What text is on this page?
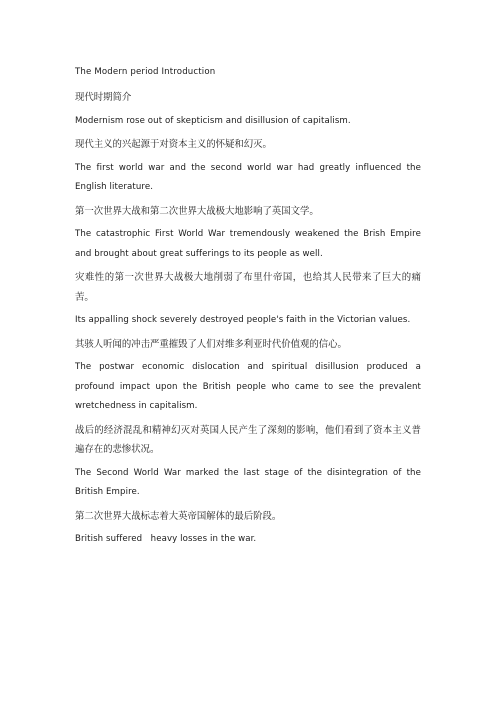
The Modern period Introduction
现代时期简介
Modernism rose out of skepticism and disillusion of capitalism.
现代主义的兴起源于对资本主义的怀疑和幻灭。
The first world war and the second world war had greatly influenced the English literature.
第一次世界大战和第二次世界大战极大地影响了英国文学。
The catastrophic First World War tremendously weakened the Brish Empire and brought about great sufferings to its people as well.
灾难性的第一次世界大战极大地削弱了布里什帝国，也给其人民带来了巨大的痛苦。
Its appalling shock severely destroyed people's faith in the Victorian values.
其骇人听闻的冲击严重摧毁了人们对维多利亚时代价值观的信心。
The postwar economic dislocation and spiritual disillusion produced a profound impact upon the British people who came to see the prevalent wretchedness in capitalism.
战后的经济混乱和精神幻灭对英国人民产生了深刻的影响，他们看到了资本主义普遍存在的悲惨状况。
The Second World War marked the last stage of the disintegration of the British Empire.
第二次世界大战标志着大英帝国解体的最后阶段。
British suffered   heavy losses in the war.
